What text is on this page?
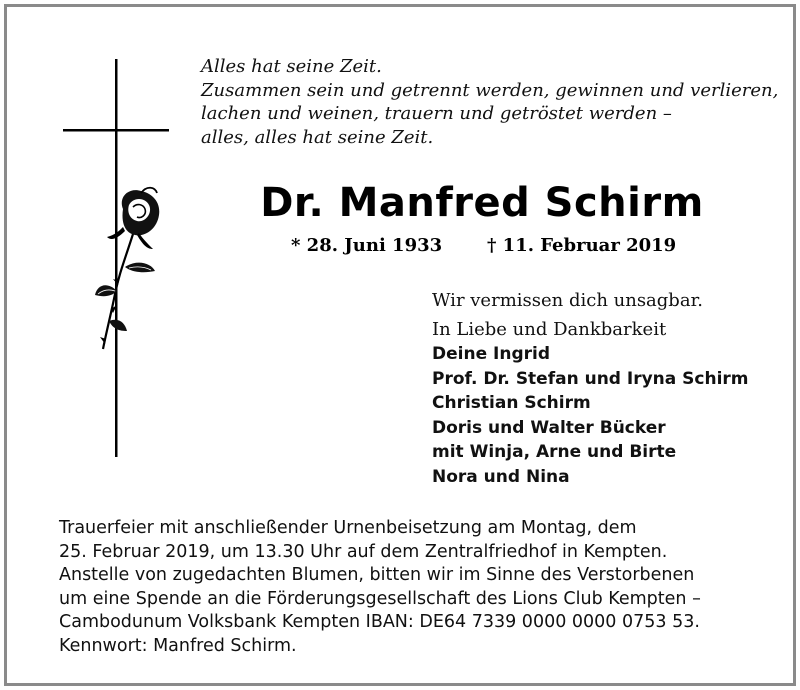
Alles hat seine Zeit.
Zusammen sein und getrennt werden, gewinnen und verlieren,
lachen und weinen, trauern und getröstet werden –
alles, alles hat seine Zeit.
Dr. Manfred Schirm
* 28. Juni 1933 † 11. Februar 2019
Wir vermissen dich unsagbar.
In Liebe und Dankbarkeit
Deine Ingrid
Prof. Dr. Stefan und Iryna Schirm
Christian Schirm
Doris und Walter Bücker
mit Winja, Arne und Birte
Nora und Nina
Trauerfeier mit anschließender Urnenbeisetzung am Montag, dem
25. Februar 2019, um 13.30 Uhr auf dem Zentralfriedhof in Kempten.
Anstelle von zugedachten Blumen, bitten wir im Sinne des Verstorbenen
um eine Spende an die Förderungsgesellschaft des Lions Club Kempten –
Cambodunum Volksbank Kempten IBAN: DE64 7339 0000 0000 0753 53.
Kennwort: Manfred Schirm.
